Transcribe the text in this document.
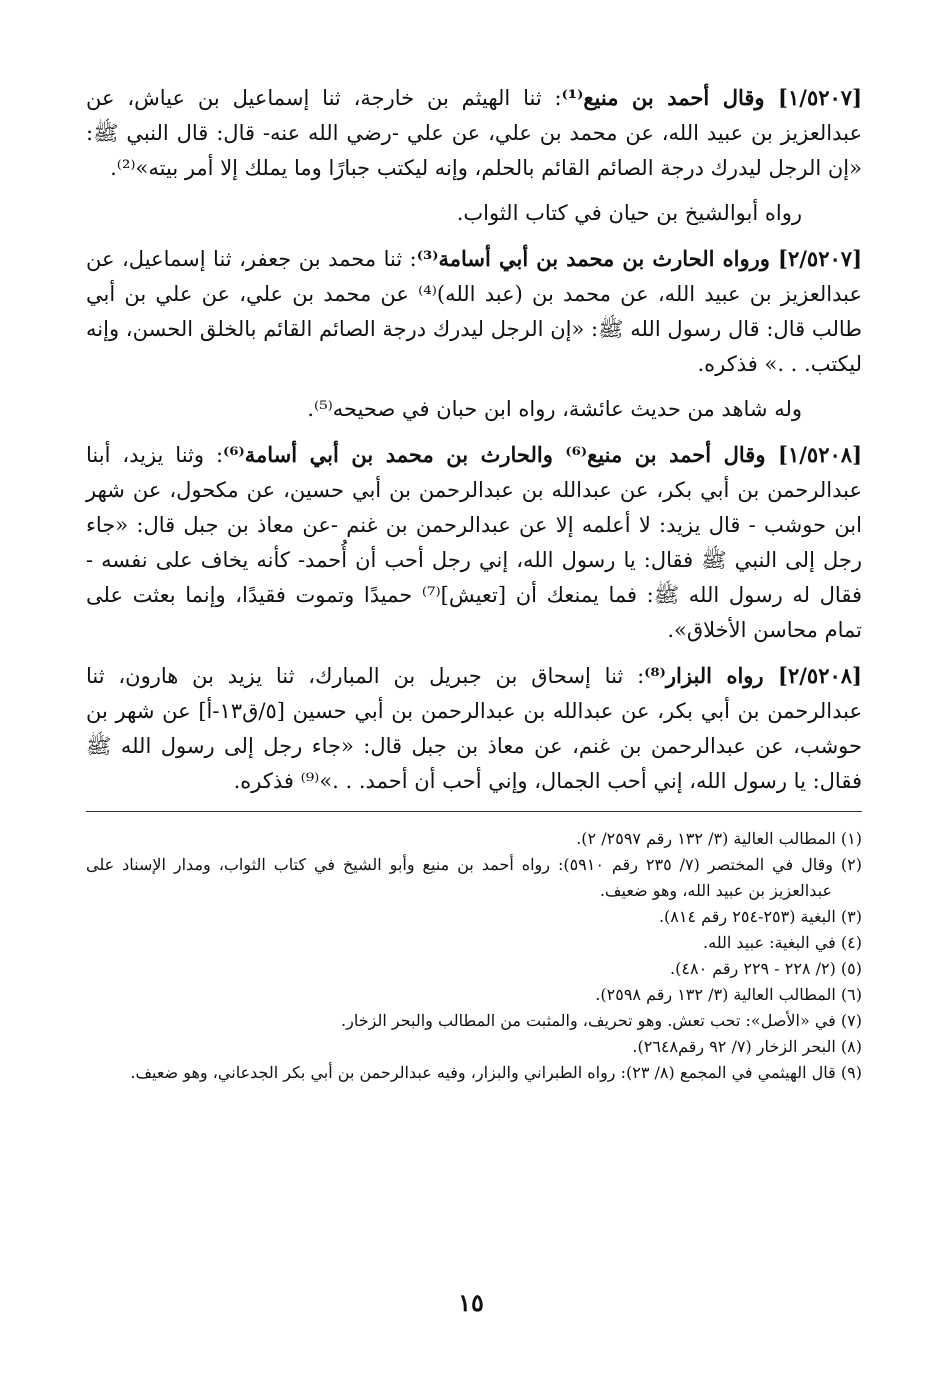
[١/٥٢٠٧] وقال أحمد بن منيع⁽¹⁾: ثنا الهيثم بن خارجة، ثنا إسماعيل بن عياش، عن عبدالعزيز بن عبيد الله، عن محمد بن علي، عن علي -رضي الله عنه- قال: قال النبي ﷺ: «إن الرجل ليدرك درجة الصائم القائم بالحلم، وإنه ليكتب جبارًا وما يملك إلا أمر بيته»⁽²⁾.

رواه أبوالشيخ بن حيان في كتاب الثواب.

[٢/٥٢٠٧] ورواه الحارث بن محمد بن أبي أسامة⁽³⁾: ثنا محمد بن جعفر، ثنا إسماعيل، عن عبدالعزيز بن عبيد الله، عن محمد بن (عبد الله)⁽⁴⁾ عن محمد بن علي، عن علي بن أبي طالب قال: قال رسول الله ﷺ: «إن الرجل ليدرك درجة الصائم القائم بالخلق الحسن، وإنه ليكتب. . .» فذكره.

وله شاهد من حديث عائشة، رواه ابن حبان في صحيحه⁽⁵⁾.

[١/٥٢٠٨] وقال أحمد بن منيع⁽⁶⁾ والحارث بن محمد بن أبي أسامة⁽⁶⁾: وثنا يزيد، أبنا عبدالرحمن بن أبي بكر، عن عبدالله بن عبدالرحمن بن أبي حسين، عن مكحول، عن شهر ابن حوشب - قال يزيد: لا أعلمه إلا عن عبدالرحمن بن غنم -عن معاذ بن جبل قال: «جاء رجل إلى النبي ﷺ فقال: يا رسول الله، إني رجل أحب أن أُحمد- كأنه يخاف على نفسه - فقال له رسول الله ﷺ: فما يمنعك أن [تعيش]⁽⁷⁾ حميدًا وتموت فقيدًا، وإنما بعثت على تمام محاسن الأخلاق».

[٢/٥٢٠٨] رواه البزار⁽⁸⁾: ثنا إسحاق بن جبريل بن المبارك، ثنا يزيد بن هارون، ثنا عبدالرحمن بن أبي بكر، عن عبدالله بن عبدالرحمن بن أبي حسين [٥/ق١٣-أ] عن شهر بن حوشب، عن عبدالرحمن بن غنم، عن معاذ بن جبل قال: «جاء رجل إلى رسول الله ﷺ فقال: يا رسول الله، إني أحب الجمال، وإني أحب أن أحمد. . .»⁽⁹⁾ فذكره.

(١) المطالب العالية (٣/ ١٣٢ رقم ٢٥٩٧/ ٢).

(٢) وقال في المختصر (٧/ ٢٣٥ رقم ٥٩١٠): رواه أحمد بن منيع وأبو الشيخ في كتاب الثواب، ومدار الإسناد على عبدالعزيز بن عبيد الله، وهو ضعيف.

(٣) البغية (٢٥٣-٢٥٤ رقم ٨١٤).

(٤) في البغية: عبيد الله.

(٥) (٢/ ٢٢٨ - ٢٢٩ رقم ٤٨٠).

(٦) المطالب العالية (٣/ ١٣٢ رقم ٢٥٩٨).

(٧) في «الأصل»: تحب تعش. وهو تحريف، والمثبت من المطالب والبحر الزخار.

(٨) البحر الزخار (٧/ ٩٢ رقم٢٦٤٨).

(٩) قال الهيثمي في المجمع (٨/ ٢٣): رواه الطبراني والبزار، وفيه عبدالرحمن بن أبي بكر الجدعاني، وهو ضعيف.

١٥
